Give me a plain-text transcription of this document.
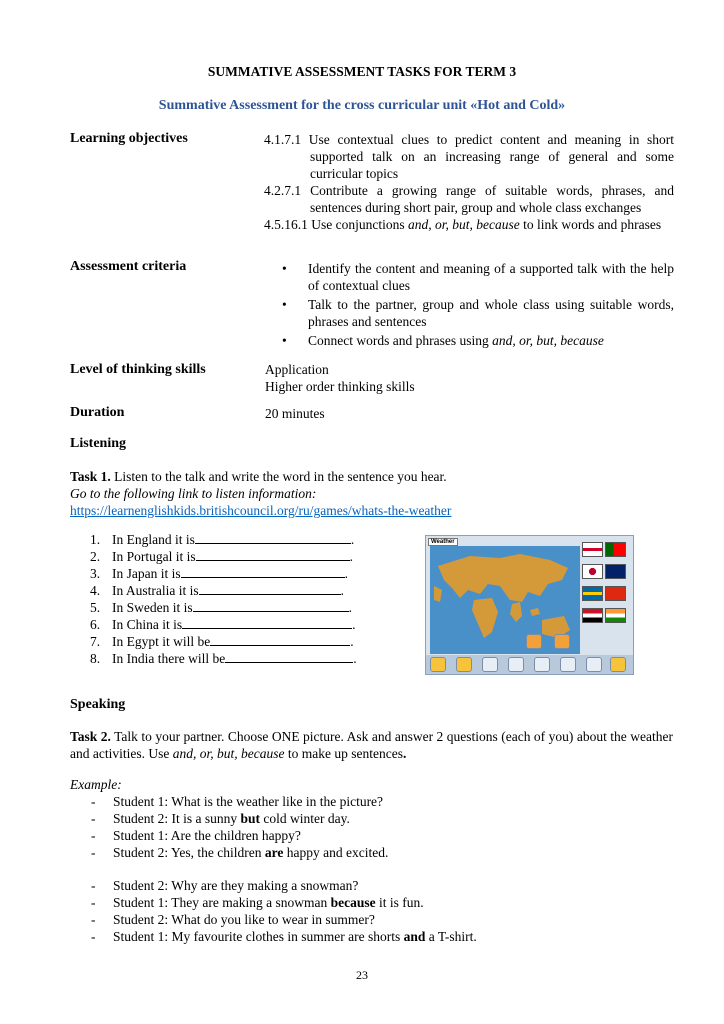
SUMMATIVE ASSESSMENT TASKS FOR TERM 3
Summative Assessment for the cross curricular unit «Hot and Cold»
Learning objectives	4.1.7.1 Use contextual clues to predict content and meaning in short supported talk on an increasing range of general and some curricular topics

4.2.7.1 Contribute a growing range of suitable words, phrases, and sentences during short pair, group and whole class exchanges

4.5.16.1 Use conjunctions and, or, but, because to link words and phrases

Assessment criteria	• Identify the content and meaning of a supported talk with the help of contextual clues
• Talk to the partner, group and whole class using suitable words, phrases and sentences
• Connect words and phrases using and, or, but, because
Level of thinking skills	Application
Higher order thinking skills
Duration	20 minutes
Listening
Task 1. Listen to the talk and write the word in the sentence you hear.
Go to the following link to listen information:
https://learnenglishkids.britishcouncil.org/ru/games/whats-the-weather
1. In England it is	.
2. In Portugal it is	.
3. In Japan it is	.
4. In Australia it is	.
5. In Sweden it is	.
6. In China it is	.
7. In Egypt it will be	.
8. In India there will be	.
Weather

Speaking
Task 2. Talk to your partner. Choose ONE picture. Ask and answer 2 questions (each of you) about the weather and activities. Use and, or, but, because to make up sentences.
Example:
- Student 1: What is the weather like in the picture?
- Student 2: It is a sunny but cold winter day.
- Student 1: Are the children happy?
- Student 2: Yes, the children are happy and excited.
- Student 2: Why are they making a snowman?
- Student 1: They are making a snowman because it is fun.
- Student 2: What do you like to wear in summer?
- Student 1: My favourite clothes in summer are shorts and a T-shirt.
23
